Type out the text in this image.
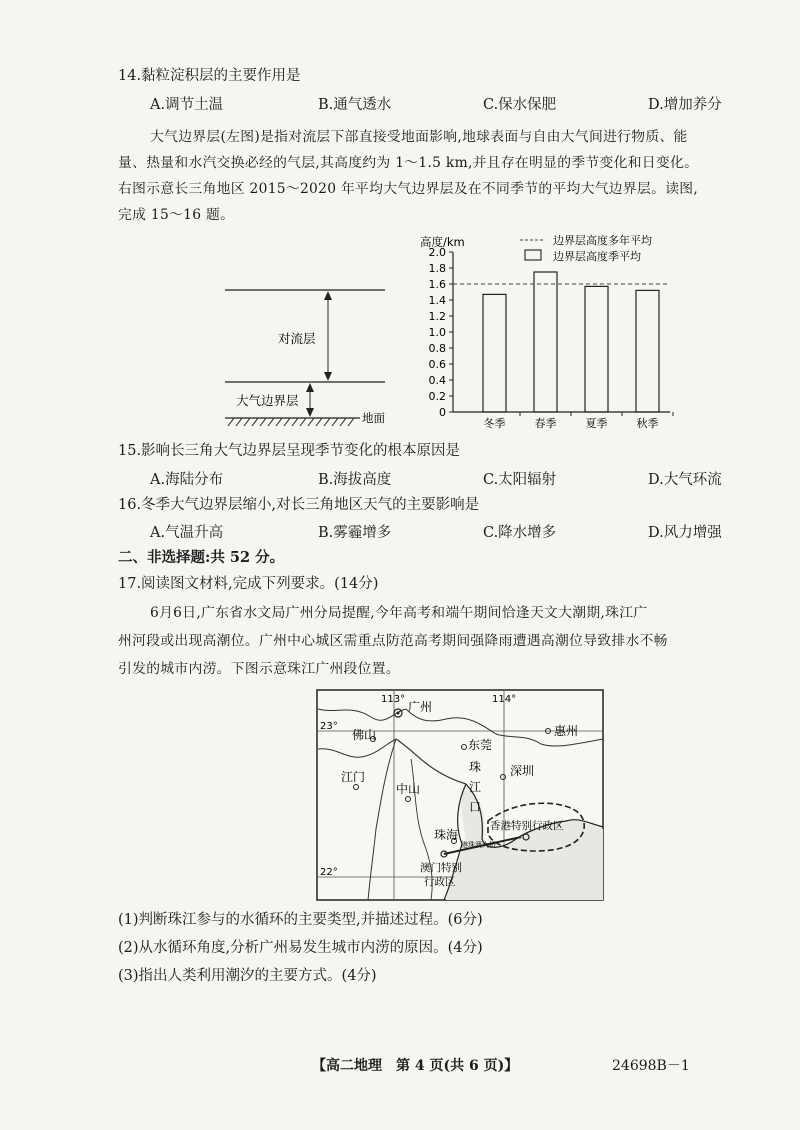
14.黏粒淀积层的主要作用是
A.调节土温	B.通气透水	C.保水保肥	D.增加养分
大气边界层(左图)是指对流层下部直接受地面影响,地球表面与自由大气间进行物质、能
量、热量和水汽交换必经的气层,其高度约为 1～1.5 km,并且存在明显的季节变化和日变化。
右图示意长三角地区 2015～2020 年平均大气边界层及在不同季节的平均大气边界层。读图,
完成 15～16 题。
对流层
大气边界层
地面
高度/km
0
0.2
0.4
0.6
0.8
1.0
1.2
1.4
1.6
1.8
2.0
冬季	春季	夏季	秋季
边界层高度多年平均
边界层高度季平均
15.影响长三角大气边界层呈现季节变化的根本原因是
A.海陆分布	B.海拔高度	C.太阳辐射	D.大气环流
16.冬季大气边界层缩小,对长三角地区天气的主要影响是
A.气温升高	B.雾霾增多	C.降水增多	D.风力增强
二、非选择题:共 52 分。
17.阅读图文材料,完成下列要求。(14分)
6月6日,广东省水文局广州分局提醒,今年高考和端午期间恰逢天文大潮期,珠江广
州河段或出现高潮位。广州中心城区需重点防范高考期间强降雨遭遇高潮位导致排水不畅
引发的城市内涝。下图示意珠江广州段位置。
113°	114°
23°
22°
广州
惠州
佛山
东莞
深圳
江门
中山
珠
江
口
珠海
香港特别行政区
港珠澳大桥
澳门特别
行政区
(1)判断珠江参与的水循环的主要类型,并描述过程。(6分)
(2)从水循环角度,分析广州易发生城市内涝的原因。(4分)
(3)指出人类利用潮汐的主要方式。(4分)
【高二地理　第 4 页(共 6 页)】	24698B－1
